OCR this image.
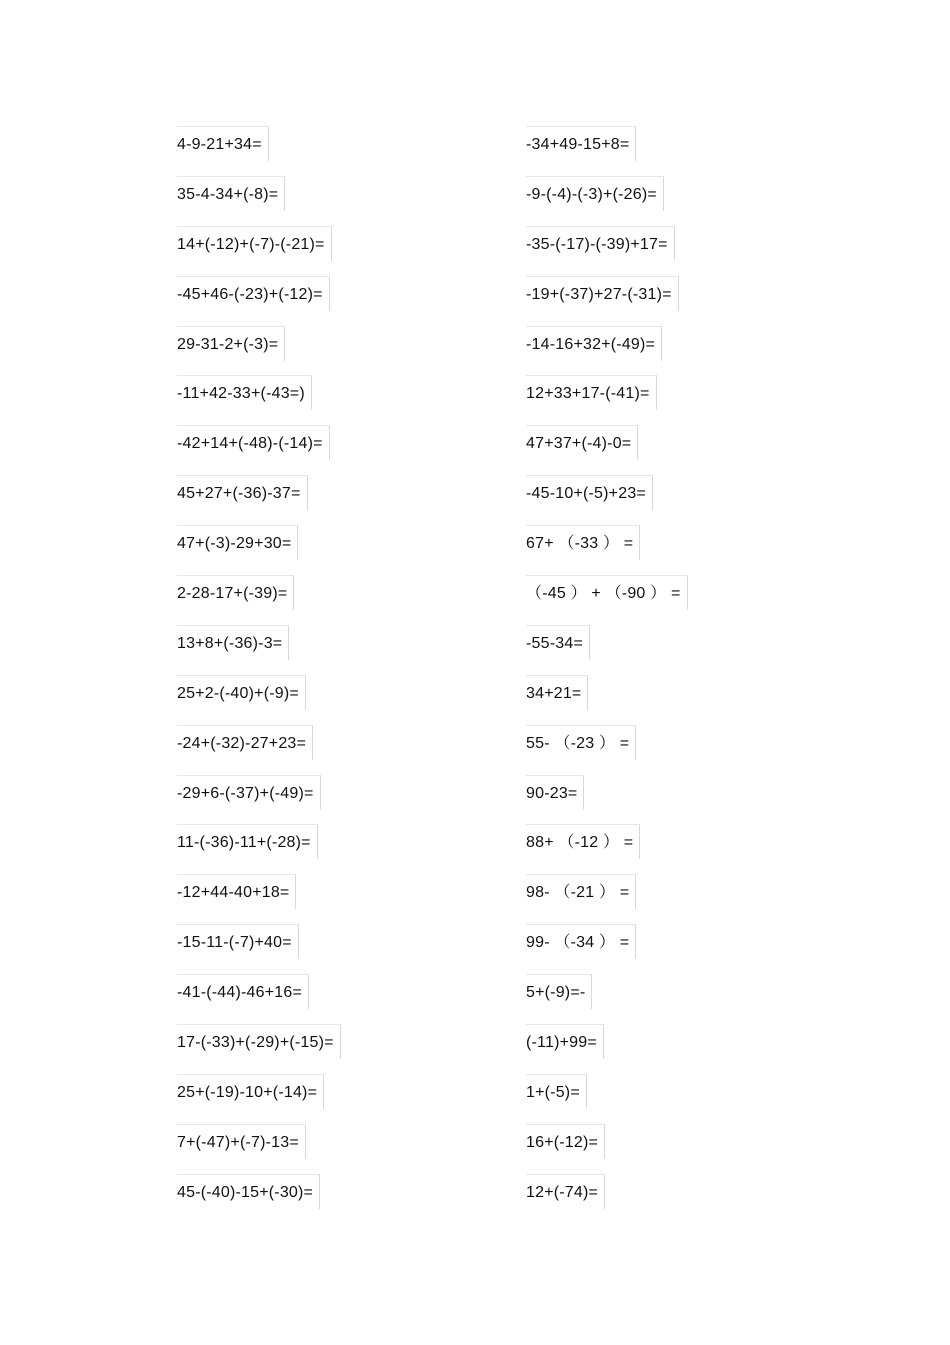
4-9-21+34=
35-4-34+(-8)=
14+(-12)+(-7)-(-21)=
-45+46-(-23)+(-12)=
29-31-2+(-3)=
-11+42-33+(-43=)
-42+14+(-48)-(-14)=
45+27+(-36)-37=
47+(-3)-29+30=
2-28-17+(-39)=
13+8+(-36)-3=
25+2-(-40)+(-9)=
-24+(-32)-27+23=
-29+6-(-37)+(-49)=
11-(-36)-11+(-28)=
-12+44-40+18=
-15-11-(-7)+40=
-41-(-44)-46+16=
17-(-33)+(-29)+(-15)=
25+(-19)-10+(-14)=
7+(-47)+(-7)-13=
45-(-40)-15+(-30)=
-34+49-15+8=
-9-(-4)-(-3)+(-26)=
-35-(-17)-(-39)+17=
-19+(-37)+27-(-31)=
-14-16+32+(-49)=
12+33+17-(-41)=
47+37+(-4)-0=
-45-10+(-5)+23=
67+ （-33 ） =
（-45 ） + （-90 ） =
-55-34=
34+21=
55- （-23 ） =
90-23=
88+ （-12 ） =
98- （-21 ） =
99- （-34 ） =
5+(-9)=-
(-11)+99=
1+(-5)=
16+(-12)=
12+(-74)=
